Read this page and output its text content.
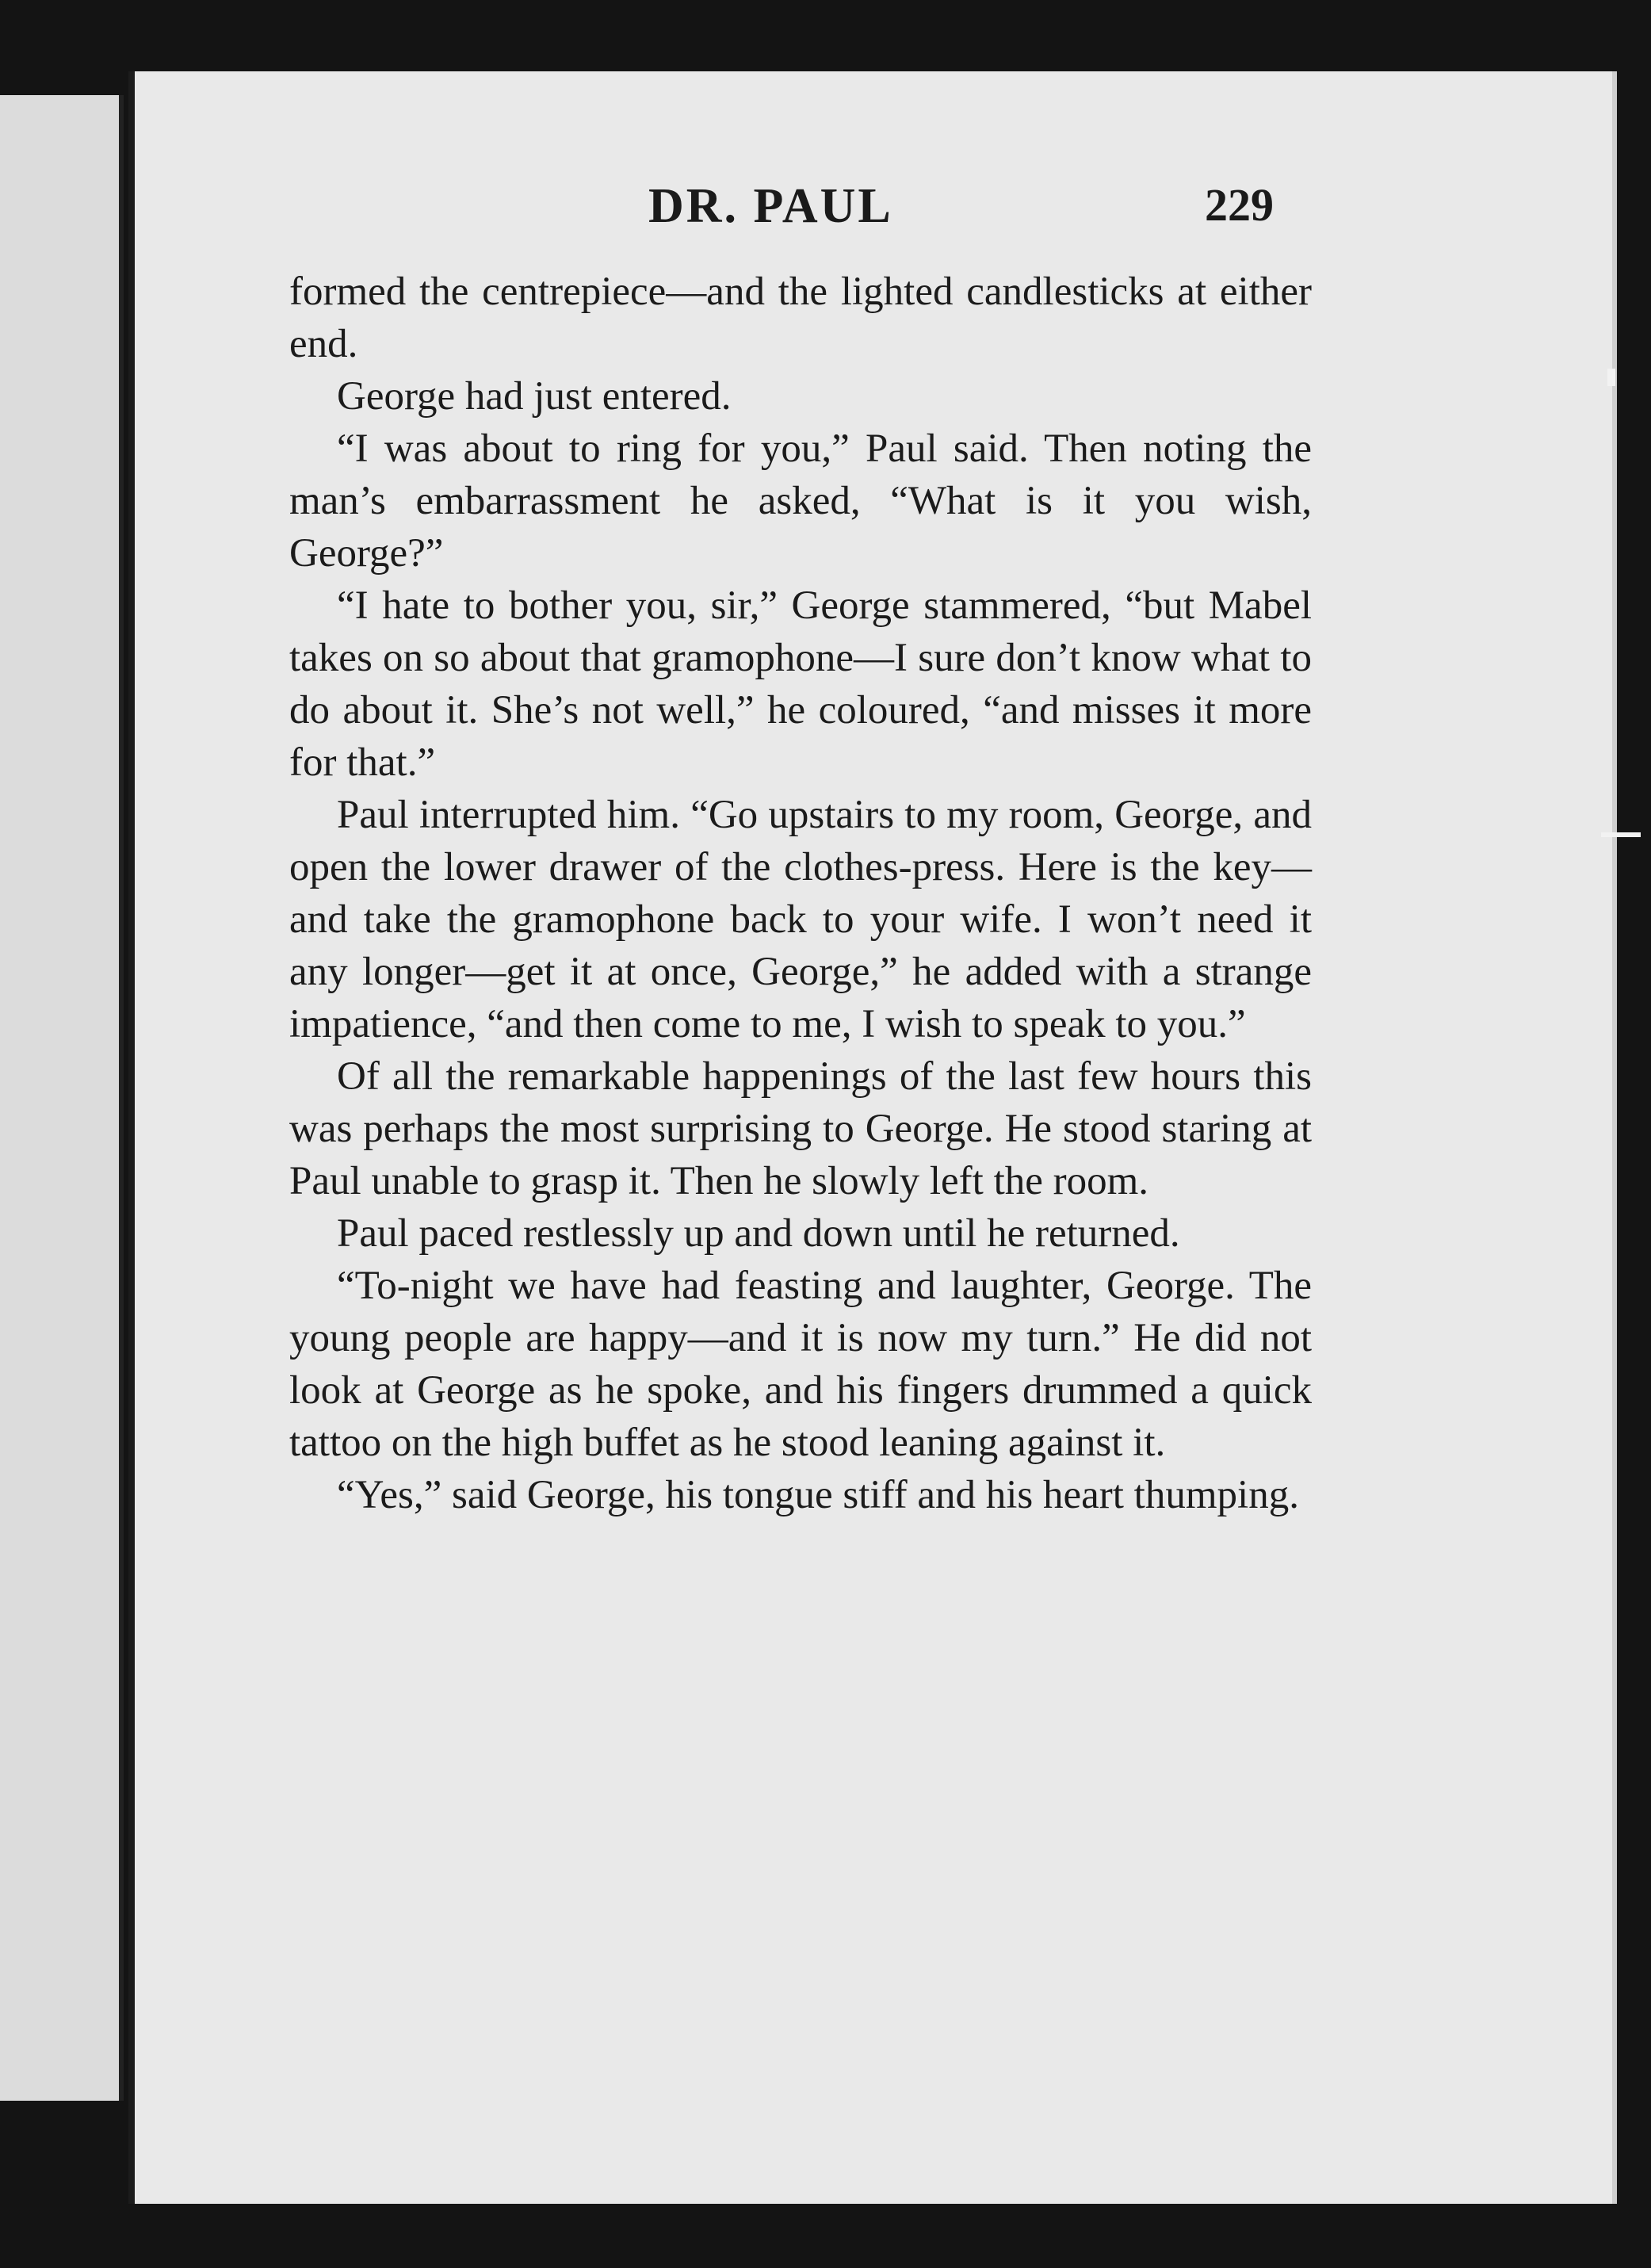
DR. PAUL	229

formed the centrepiece—and the lighted candlesticks at either end.

George had just entered.

“I was about to ring for you,” Paul said. Then noting the man’s embarrassment he asked, “What is it you wish, George?”

“I hate to bother you, sir,” George stammered, “but Mabel takes on so about that gramophone—I sure don’t know what to do about it. She’s not well,” he coloured, “and misses it more for that.”

Paul interrupted him. “Go upstairs to my room, George, and open the lower drawer of the clothes-press. Here is the key—and take the gramophone back to your wife. I won’t need it any longer—get it at once, George,” he added with a strange impatience, “and then come to me, I wish to speak to you.”

Of all the remarkable happenings of the last few hours this was perhaps the most surprising to George. He stood staring at Paul unable to grasp it. Then he slowly left the room.

Paul paced restlessly up and down until he returned.

“To-night we have had feasting and laughter, George. The young people are happy—and it is now my turn.” He did not look at George as he spoke, and his fingers drummed a quick tattoo on the high buffet as he stood leaning against it.

“Yes,” said George, his tongue stiff and his heart thumping.
